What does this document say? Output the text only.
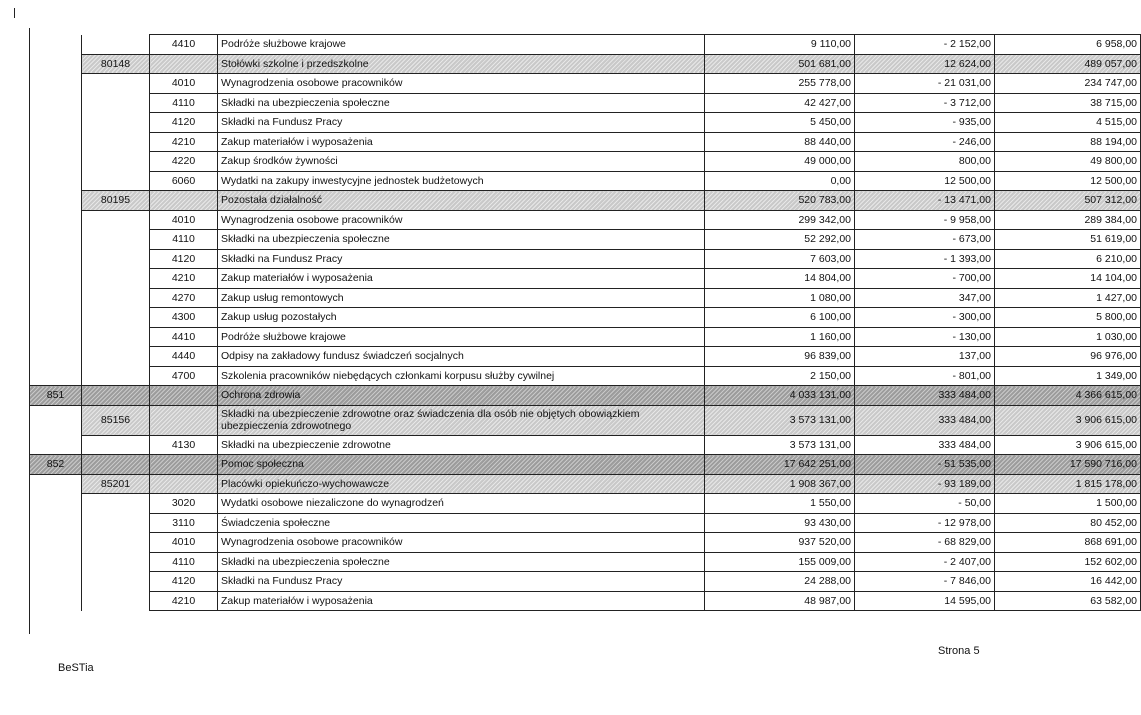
		4410	Podróże służbowe krajowe	9 110,00	- 2 152,00	6 958,00
	80148		Stołówki szkolne i przedszkolne	501 681,00	12 624,00	489 057,00
		4010	Wynagrodzenia osobowe pracowników	255 778,00	- 21 031,00	234 747,00
		4110	Składki na ubezpieczenia społeczne	42 427,00	- 3 712,00	38 715,00
		4120	Składki na Fundusz Pracy	5 450,00	- 935,00	4 515,00
		4210	Zakup materiałów i wyposażenia	88 440,00	- 246,00	88 194,00
		4220	Zakup środków żywności	49 000,00	800,00	49 800,00
		6060	Wydatki na zakupy inwestycyjne jednostek budżetowych	0,00	12 500,00	12 500,00
	80195		Pozostała działalność	520 783,00	- 13 471,00	507 312,00
		4010	Wynagrodzenia osobowe pracowników	299 342,00	- 9 958,00	289 384,00
		4110	Składki na ubezpieczenia społeczne	52 292,00	- 673,00	51 619,00
		4120	Składki na Fundusz Pracy	7 603,00	- 1 393,00	6 210,00
		4210	Zakup materiałów i wyposażenia	14 804,00	- 700,00	14 104,00
		4270	Zakup usług remontowych	1 080,00	347,00	1 427,00
		4300	Zakup usług pozostałych	6 100,00	- 300,00	5 800,00
		4410	Podróże służbowe krajowe	1 160,00	- 130,00	1 030,00
		4440	Odpisy na zakładowy fundusz świadczeń socjalnych	96 839,00	137,00	96 976,00
		4700	Szkolenia pracowników niebędących członkami korpusu służby cywilnej	2 150,00	- 801,00	1 349,00
851			Ochrona zdrowia	4 033 131,00	333 484,00	4 366 615,00
	85156		Składki na ubezpieczenie zdrowotne oraz świadczenia dla osób nie objętych obowiązkiem ubezpieczenia zdrowotnego	3 573 131,00	333 484,00	3 906 615,00
		4130	Składki na ubezpieczenie zdrowotne	3 573 131,00	333 484,00	3 906 615,00
852			Pomoc społeczna	17 642 251,00	- 51 535,00	17 590 716,00
	85201		Placówki opiekuńczo-wychowawcze	1 908 367,00	- 93 189,00	1 815 178,00
		3020	Wydatki osobowe niezaliczone do wynagrodzeń	1 550,00	- 50,00	1 500,00
		3110	Świadczenia społeczne	93 430,00	- 12 978,00	80 452,00
		4010	Wynagrodzenia osobowe pracowników	937 520,00	- 68 829,00	868 691,00
		4110	Składki na ubezpieczenia społeczne	155 009,00	- 2 407,00	152 602,00
		4120	Składki na Fundusz Pracy	24 288,00	- 7 846,00	16 442,00
		4210	Zakup materiałów i wyposażenia	48 987,00	14 595,00	63 582,00
BeSTia
Strona 5
